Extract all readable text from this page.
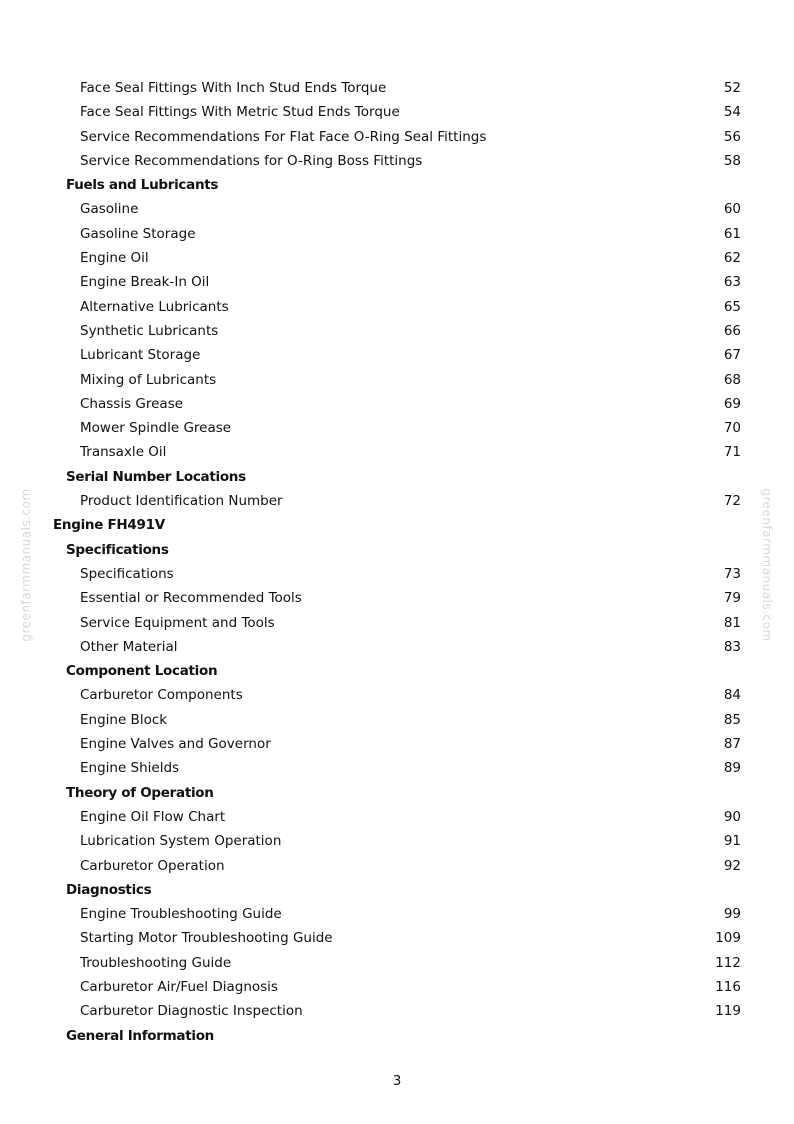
greenfarmmanuals.com	greenfarmmanuals.com
Face Seal Fittings With Inch Stud Ends Torque	52
Face Seal Fittings With Metric Stud Ends Torque	54
Service Recommendations For Flat Face O-Ring Seal Fittings	56
Service Recommendations for O-Ring Boss Fittings	58
Fuels and Lubricants
Gasoline	60
Gasoline Storage	61
Engine Oil	62
Engine Break-In Oil	63
Alternative Lubricants	65
Synthetic Lubricants	66
Lubricant Storage	67
Mixing of Lubricants	68
Chassis Grease	69
Mower Spindle Grease	70
Transaxle Oil	71
Serial Number Locations
Product Identification Number	72
Engine FH491V
Specifications
Specifications	73
Essential or Recommended Tools	79
Service Equipment and Tools	81
Other Material	83
Component Location
Carburetor Components	84
Engine Block	85
Engine Valves and Governor	87
Engine Shields	89
Theory of Operation
Engine Oil Flow Chart	90
Lubrication System Operation	91
Carburetor Operation	92
Diagnostics
Engine Troubleshooting Guide	99
Starting Motor Troubleshooting Guide	109
Troubleshooting Guide	112
Carburetor Air/Fuel Diagnosis	116
Carburetor Diagnostic Inspection	119
General Information
3
